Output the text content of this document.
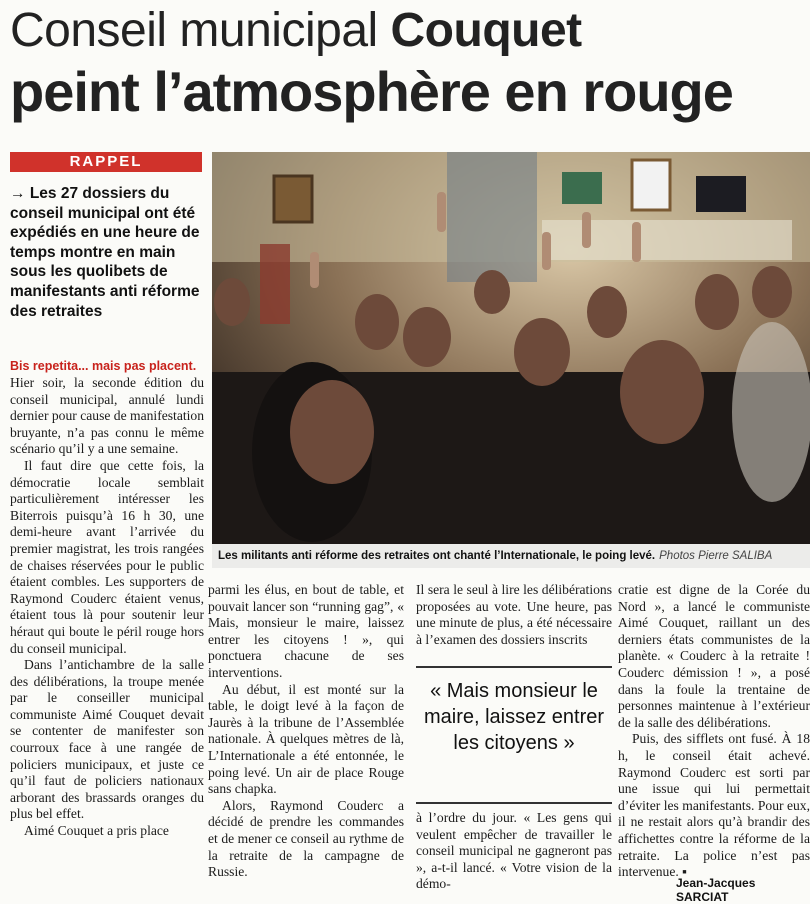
Conseil municipal Couquet
peint l’atmosphère en rouge
RAPPEL
→ Les 27 dossiers du conseil municipal ont été expédiés en une heure de temps montre en main sous les quolibets de manifestants anti réforme des retraites
Bis repetita... mais pas placent.

Hier soir, la seconde édition du conseil municipal, annulé lundi dernier pour cause de manifestation bruyante, n’a pas connu le même scénario qu’il y a une semaine.

Il faut dire que cette fois, la démocratie locale semblait particulièrement intéresser les Biterrois puisqu’à 16 h 30, une demi-heure avant l’arrivée du premier magistrat, les trois rangées de chaises réservées pour le public étaient combles. Les supporters de Raymond Couderc étaient venus, étaient tous là pour soutenir leur héraut qui boute le péril rouge hors du conseil municipal.

Dans l’antichambre de la salle des délibérations, la troupe menée par le conseiller municipal communiste Aimé Couquet devait se contenter de manifester son courroux face à une rangée de policiers municipaux, et juste ce qu’il faut de policiers nationaux arborant des brassards oranges du plus bel effet.

Aimé Couquet a pris place

Les militants anti réforme des retraites ont chanté l’Internationale, le poing levé. Photos Pierre SALIBA

parmi les élus, en bout de table, et pouvait lancer son “running gag”, « Mais, monsieur le maire, laissez entrer les citoyens ! », qui ponctuera chacune de ses interventions.

Au début, il est monté sur la table, le doigt levé à la façon de Jaurès à la tribune de l’Assemblée nationale. À quelques mètres de là, L’Internationale a été entonnée, le poing levé. Un air de place Rouge sans chapka.

Alors, Raymond Couderc a décidé de prendre les commandes et de mener ce conseil au rythme de la retraite de la campagne de Russie.

Il sera le seul à lire les délibérations proposées au vote. Une heure, pas une minute de plus, a été nécessaire à l’examen des dossiers inscrits

« Mais monsieur le maire, laissez entrer les citoyens »

à l’ordre du jour. « Les gens qui veulent empêcher de travailler le conseil municipal ne gagneront pas », a-t-il lancé. « Votre vision de la démo-

cratie est digne de la Corée du Nord », a lancé le communiste Aimé Couquet, raillant un des derniers états communistes de la planète. « Couderc à la retraite ! Couderc démission ! », a posé dans la foule la trentaine de personnes maintenue à l’extérieur de la salle des délibérations.

Puis, des sifflets ont fusé. À 18 h, le conseil était achevé. Raymond Couderc est sorti par une issue qui lui permettait d’éviter les manifestants. Pour eux, il ne restait alors qu’à brandir des affichettes contre la réforme de la retraite. La police n’est pas intervenue. ▪

Jean-Jacques SARCIAT
